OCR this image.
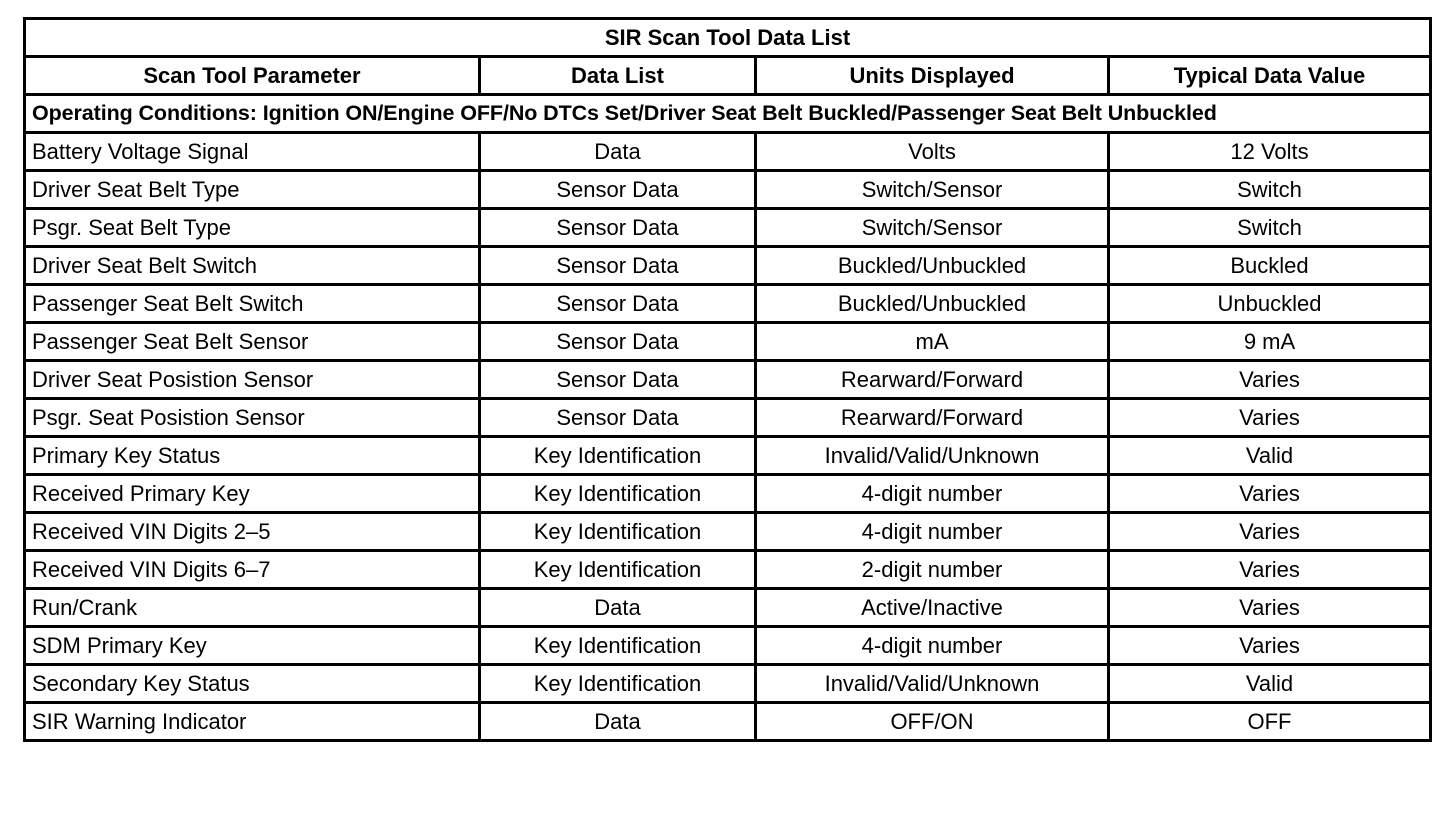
SIR Scan Tool Data List			
Scan Tool Parameter	Data List	Units Displayed	Typical Data Value
Operating Conditions: Ignition ON/Engine OFF/No DTCs Set/Driver Seat Belt Buckled/Passenger Seat Belt Unbuckled			
Battery Voltage Signal	Data	Volts	12 Volts
Driver Seat Belt Type	Sensor Data	Switch/Sensor	Switch
Psgr. Seat Belt Type	Sensor Data	Switch/Sensor	Switch
Driver Seat Belt Switch	Sensor Data	Buckled/Unbuckled	Buckled
Passenger Seat Belt Switch	Sensor Data	Buckled/Unbuckled	Unbuckled
Passenger Seat Belt Sensor	Sensor Data	mA	9 mA
Driver Seat Posistion Sensor	Sensor Data	Rearward/Forward	Varies
Psgr. Seat Posistion Sensor	Sensor Data	Rearward/Forward	Varies
Primary Key Status	Key Identification	Invalid/Valid/Unknown	Valid
Received Primary Key	Key Identification	4-digit number	Varies
Received VIN Digits 2–5	Key Identification	4-digit number	Varies
Received VIN Digits 6–7	Key Identification	2-digit number	Varies
Run/Crank	Data	Active/Inactive	Varies
SDM Primary Key	Key Identification	4-digit number	Varies
Secondary Key Status	Key Identification	Invalid/Valid/Unknown	Valid
SIR Warning Indicator	Data	OFF/ON	OFF
